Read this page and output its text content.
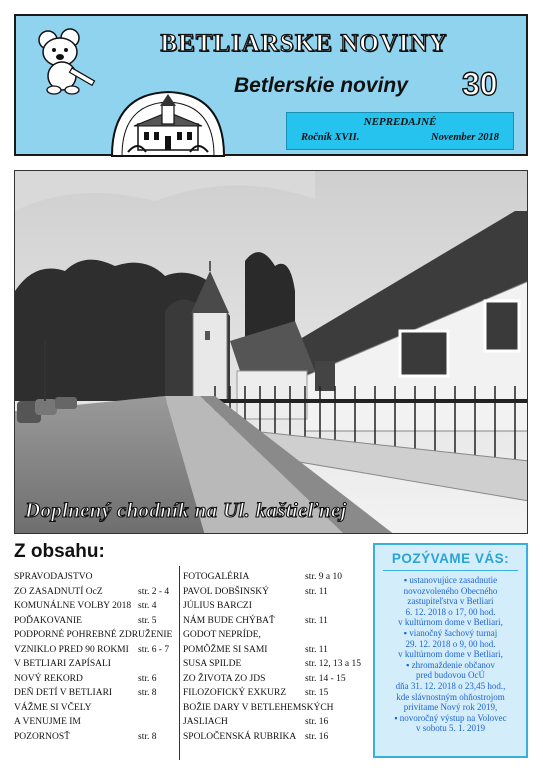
BETLIARSKE NOVINY
Betlerskie noviny 30
NEPREDAJNÉ
Ročník XVII.	November 2018
Doplnený chodník na Ul. kaštieľnej
Z obsahu:
SPRAVODAJSTVO
ZO ZASADNUTÍ OcZ	str. 2 - 4
KOMUNÁLNE VOLBY 2018 str. 4
POĎAKOVANIE	str. 5
PODPORNÉ POHREBNÉ ZDRUŽENIE
VZNIKLO PRED 90 ROKMI str. 6 - 7
V BETLIARI ZAPÍSALI
NOVÝ REKORD	str. 6
DEŇ DETÍ V BETLIARI	str. 8
VÁŽME SI VČELY
A VENUJME IM
POZORNOSŤ	str. 8
FOTOGALÉRIA	str. 9 a 10
PAVOL DOBŠINSKÝ	str. 11
JÚLIUS BARCZI
NÁM BUDE CHÝBAŤ	str. 11
GODOT NEPRÍDE,
POMÔŽME SI SAMI	str. 11
SUSA SPILDE	str. 12, 13 a 15
ZO ŽIVOTA ZO JDS	str. 14 - 15
FILOZOFICKÝ EXKURZ str. 15
BOŽIE DARY V BETLEHEMSKÝCH
JASLIACH	str. 16
SPOLOČENSKÁ RUBRIKA str. 16
POZÝVAME VÁS:
▪ ustanovujúce zasadnutie
novozvoleného Obecného
zastupiteľstva v Betliari
6. 12. 2018 o 17, 00 hod.
v kultúrnom dome v Betliari,
▪ vianočný šachový turnaj
29. 12. 2018 o 9, 00 hod.
v kultúrnom dome v Betliari,
▪ zhromaždenie občanov
pred budovou OcÚ
dňa 31. 12. 2018 o 23,45 hod.,
kde slávnostným ohňostrojom
privítame Nový rok 2019,
▪ novoročný výstup na Volovec
v sobotu 5. 1. 2019
